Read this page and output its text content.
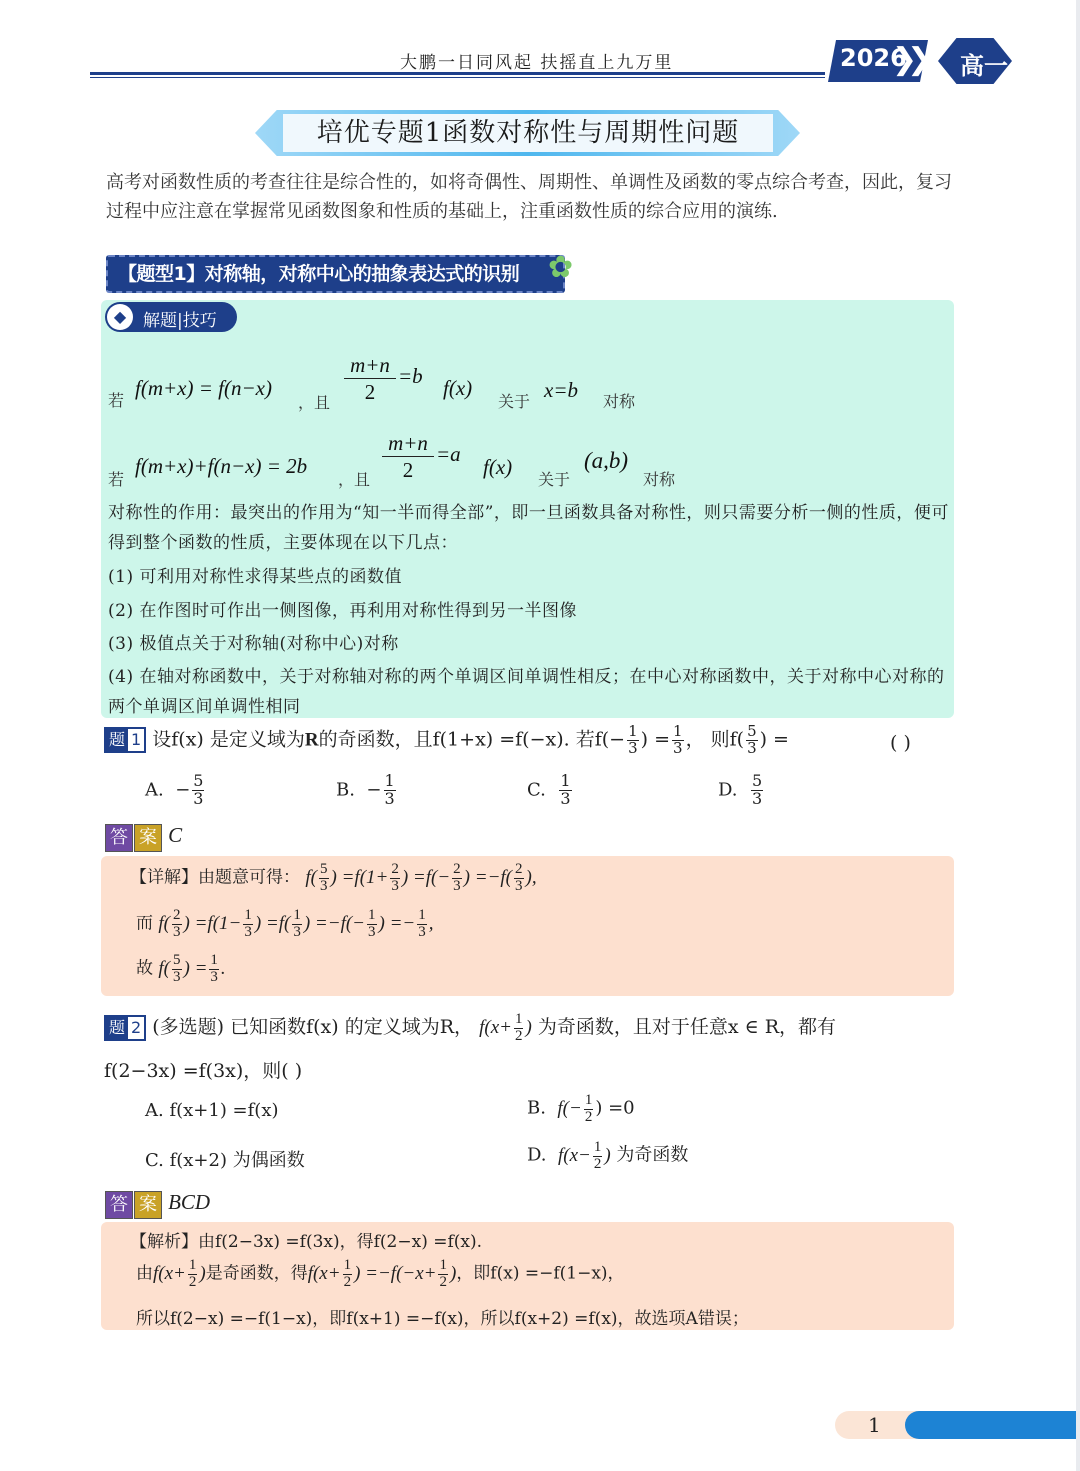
大鹏一日同风起 扶摇直上九万里	2026
❯❯❯ 高一
培优专题1函数对称性与周期性问题
高考对函数性质的考查往往是综合性的，如将奇偶性、周期性、单调性及函数的零点综合考查，因此，复习过程中应注意在掌握常见函数图象和性质的基础上，注重函数性质的综合应用的演练.
【题型1】对称轴，对称中心的抽象表达式的识别 ✿
◆ 解题|技巧
若
f(m+x) = f(n−x)
，且 $\frac{m+n}{2} =b$ f(x)
关于 x=b 对称
若
f(m+x)+f(n−x) = 2b
，且 $\frac{m+n}{2} =a$
f(x)
关于
(a,b)
对称
对称性的作用：最突出的作用为“知一半而得全部”，即一旦函数具备对称性，则只需要分析一侧的性质，便可得到整个函数的性质，主要体现在以下几点：
(1) 可利用对称性求得某些点的函数值
(2) 在作图时可作出一侧图像，再利用对称性得到另一半图像
(3) 极值点关于对称轴(对称中心)对称
(4) 在轴对称函数中，关于对称轴对称的两个单调区间单调性相反；在中心对称函数中，关于对称中心对称的两个单调区间单调性相同
题 1 设f(x) 是定义域为R的奇函数，且f(1+x) =f(−x). 若$f(- \frac{1}{3}$ ) = $\frac{1}{3}$ ， 则$f( \frac{5}{3}$ ) =	( )
A. − $\frac{5}{3}$	B. − $\frac{1}{3}$	C. $\frac{1}{3}$	D. $\frac{5}{3}$
答 案 C
【详解】由题意可得： $f( \frac{5}{3}$ ) $=f(1+ \frac{2}{3}$ ) $=f(- \frac{2}{3}$ ) $=-f( \frac{2}{3}$ ),
而 $f( \frac{2}{3}$ ) $=f(1- \frac{1}{3}$ ) $=f( \frac{1}{3}$ ) $=-f(- \frac{1}{3}$ ) =− $\frac{1}{3}$ ,
故 $f( \frac{5}{3}$ ) = $\frac{1}{3}$ .
题 2 (多选题) 已知函数f(x) 的定义域为R， $f(x+ \frac{1}{2}$ ) 为奇函数，且对于任意x ∈ R，都有
f(2−3x) =f(3x)，则( )
A. f(x+1) =f(x)	B. $f(- \frac{1}{2}$ ) =0
C. f(x+2) 为偶函数	D. $f(x- \frac{1}{2}$ ) 为奇函数
答 案 BCD
【解析】由f(2−3x) =f(3x)，得f(2−x) =f(x).
由$f(x+ \frac{1}{2}$ )是奇函数，得$f(x+ \frac{1}{2}$ ) $=-f(-x+ \frac{1}{2}$ )，即f(x) =−f(1−x)，
所以f(2−x) =−f(1−x)，即f(x+1) =−f(x)，所以f(x+2) =f(x)，故选项A错误；
1
